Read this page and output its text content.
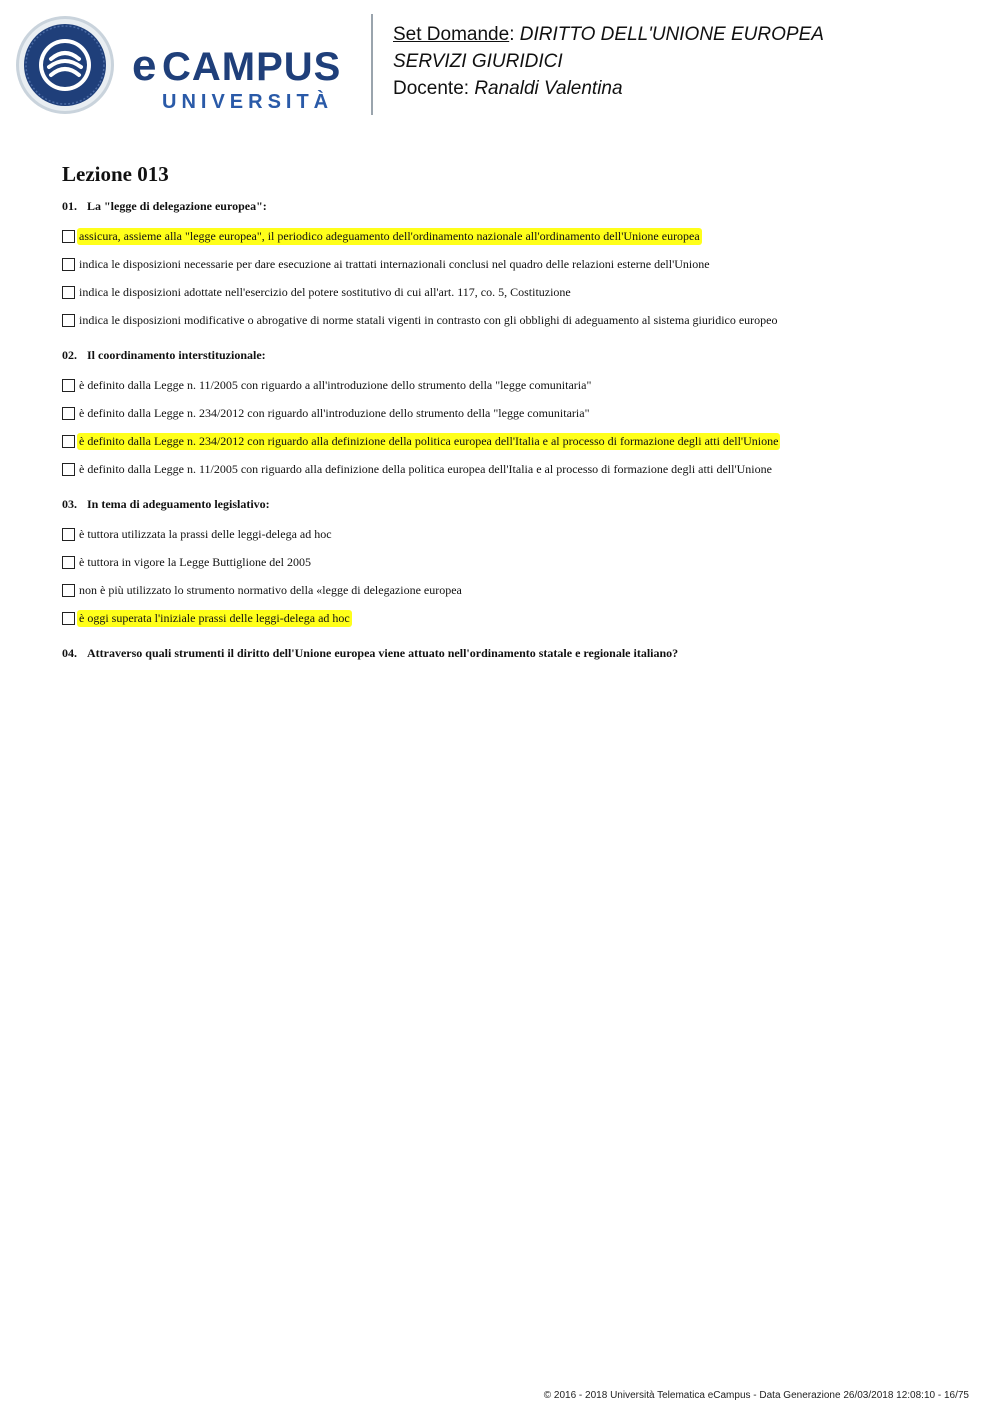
e CAMPUS
UNIVERSITÀ
Set Domande: DIRITTO DELL'UNIONE EUROPEA
SERVIZI GIURIDICI
Docente: Ranaldi Valentina
Lezione 013
01. La "legge di delegazione europea":
assicura, assieme alla "legge europea", il periodico adeguamento dell'ordinamento nazionale all'ordinamento dell'Unione europea
indica le disposizioni necessarie per dare esecuzione ai trattati internazionali conclusi nel quadro delle relazioni esterne dell'Unione
indica le disposizioni adottate nell'esercizio del potere sostitutivo di cui all'art. 117, co. 5, Costituzione
indica le disposizioni modificative o abrogative di norme statali vigenti in contrasto con gli obblighi di adeguamento al sistema giuridico europeo
02. Il coordinamento interstituzionale:
è definito dalla Legge n. 11/2005 con riguardo a all'introduzione dello strumento della "legge comunitaria"
è definito dalla Legge n. 234/2012 con riguardo all'introduzione dello strumento della "legge comunitaria"
è definito dalla Legge n. 234/2012 con riguardo alla definizione della politica europea dell'Italia e al processo di formazione degli atti dell'Unione
è definito dalla Legge n. 11/2005 con riguardo alla definizione della politica europea dell'Italia e al processo di formazione degli atti dell'Unione
03. In tema di adeguamento legislativo:
è tuttora utilizzata la prassi delle leggi-delega ad hoc
è tuttora in vigore la Legge Buttiglione del 2005
non è più utilizzato lo strumento normativo della «legge di delegazione europea
è oggi superata l'iniziale prassi delle leggi-delega ad hoc
04. Attraverso quali strumenti il diritto dell'Unione europea viene attuato nell'ordinamento statale e regionale italiano?
© 2016 - 2018 Università Telematica eCampus - Data Generazione 26/03/2018 12:08:10 - 16/75
